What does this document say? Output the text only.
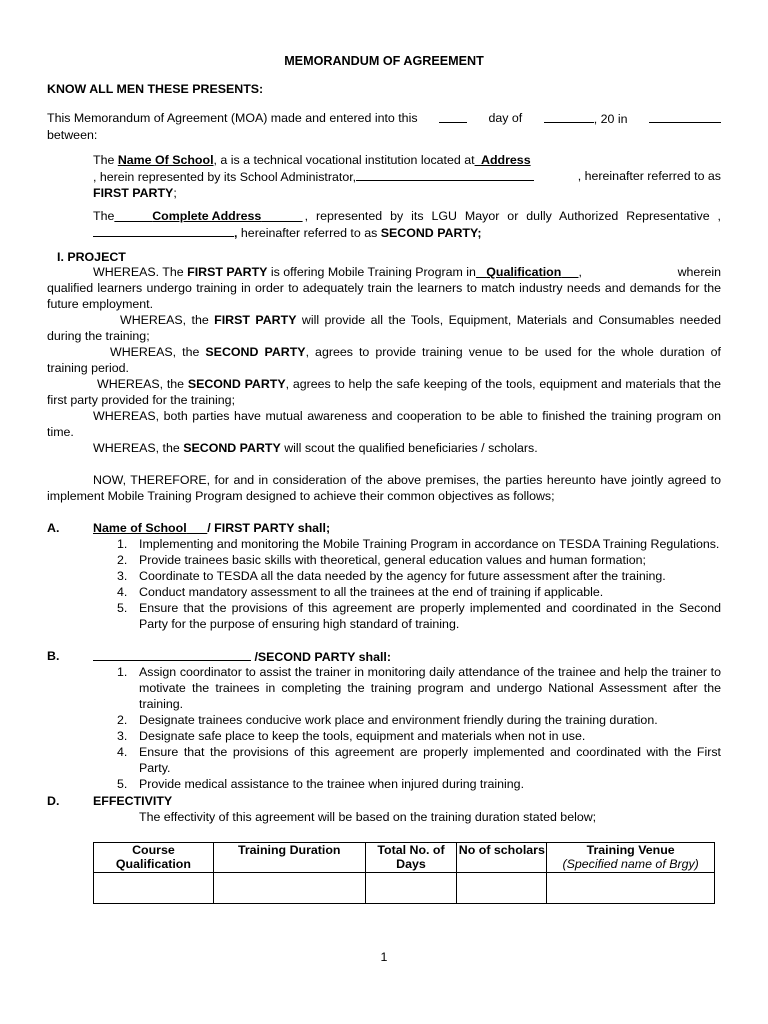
MEMORANDUM OF AGREEMENT
KNOW ALL MEN THESE PRESENTS:
This Memorandum of Agreement (MOA) made and entered into this	day of	, 20 in
between:
The Name Of School, a is a technical vocational institution located at Address
, herein represented by its School Administrator,	, hereinafter referred to as
FIRST PARTY;
The	Complete Address	, represented by its LGU Mayor or dully Authorized Representative ,
, hereinafter referred to as SECOND PARTY;
I. PROJECT
WHEREAS. The FIRST PARTY is offering Mobile Training Program in Qualification ,	wherein
qualified learners undergo training in order to adequately train the learners to match industry needs and demands for the future employment.
WHEREAS, the FIRST PARTY will provide all the Tools, Equipment, Materials and Consumables needed during the training;
WHEREAS, the SECOND PARTY, agrees to provide training venue to be used for the whole duration of training period.
WHEREAS, the SECOND PARTY, agrees to help the safe keeping of the tools, equipment and materials that the first party provided for the training;
WHEREAS, both parties have mutual awareness and cooperation to be able to finished the training program on time.
WHEREAS, the SECOND PARTY will scout the qualified beneficiaries / scholars.
NOW, THEREFORE, for and in consideration of the above premises, the parties hereunto have jointly agreed to implement Mobile Training Program designed to achieve their common objectives as follows;
A.	Name of School / FIRST PARTY shall;
1. Implementing and monitoring the Mobile Training Program in accordance on TESDA Training Regulations.
2. Provide trainees basic skills with theoretical, general education values and human formation;
3. Coordinate to TESDA all the data needed by the agency for future assessment after the training.
4. Conduct mandatory assessment to all the trainees at the end of training if applicable.
5. Ensure that the provisions of this agreement are properly implemented and coordinated in the Second Party for the purpose of ensuring high standard of training.
B.	/SECOND PARTY shall:
1. Assign coordinator to assist the trainer in monitoring daily attendance of the trainee and help the trainer to motivate the trainees in completing the training program and undergo National Assessment after the training.
2. Designate trainees conducive work place and environment friendly during the training duration.
3. Designate safe place to keep the tools, equipment and materials when not in use.
4. Ensure that the provisions of this agreement are properly implemented and coordinated with the First Party.
5. Provide medical assistance to the trainee when injured during training.
D.	EFFECTIVITY
The effectivity of this agreement will be based on the training duration stated below;
Course Qualification	Training Duration	Total No. of Days	No of scholars	Training Venue
(Specified name of Brgy)

1
